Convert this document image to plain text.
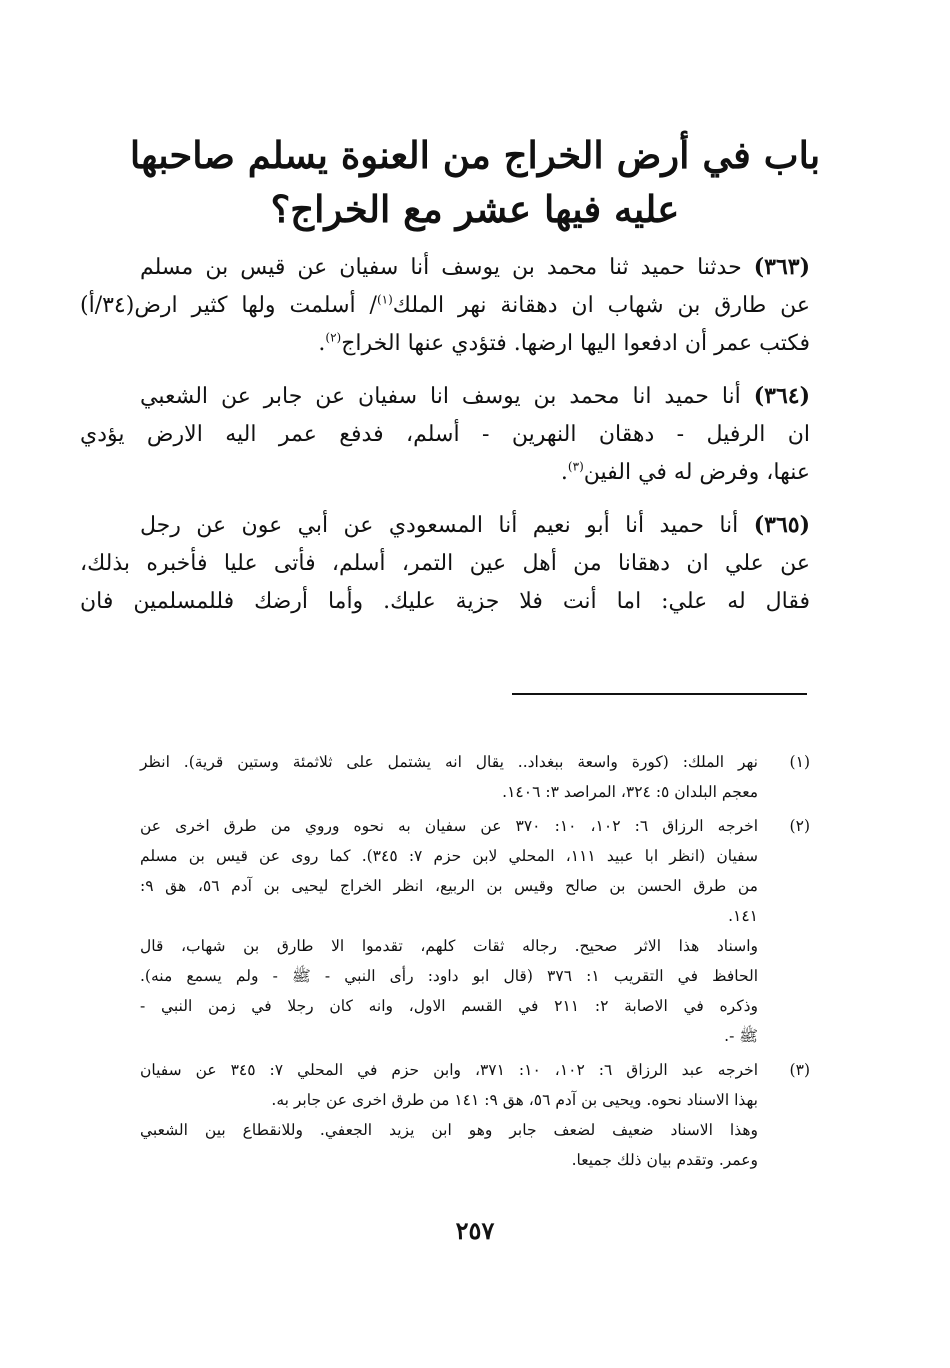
باب في أرض الخراج من العنوة يسلم صاحبها
عليه فيها عشر مع الخراج؟
(٣٦٣) حدثنا حميد ثنا محمد بن يوسف أنا سفيان عن قيس بن مسلم
عن طارق بن شهاب ان دهقانة نهر الملك$^{(١)}$/ أسلمت ولها كثير ارض(٣٤/أ)
فكتب عمر أن ادفعوا اليها ارضها. فتؤدي عنها الخراج$^{(٢)}$.
(٣٦٤) أنا حميد انا محمد بن يوسف انا سفيان عن جابر عن الشعبي
ان الرفيل - دهقان النهرين - أسلم، فدفع عمر اليه الارض يؤدي
عنها، وفرض له في الفين$^{(٣)}$.
(٣٦٥) أنا حميد أنا أبو نعيم أنا المسعودي عن أبي عون عن رجل
عن علي ان دهقانا من أهل عين التمر، أسلم، فأتى عليا فأخبره بذلك،
فقال له علي: اما أنت فلا جزية عليك. وأما أرضك فللمسلمين فان
(١)
نهر الملك: (كورة واسعة ببغداد.. يقال انه يشتمل على ثلاثمئة وستين قرية). انظر
معجم البلدان ٥: ٣٢٤، المراصد ٣: ١٤٠٦.
(٢)
اخرجه الرزاق ٦: ١٠٢، ١٠: ٣٧٠ عن سفيان به نحوه وروي من طرق اخرى عن
سفيان (انظر ابا عبيد ١١١، المحلي لابن حزم ٧: ٣٤٥). كما روى عن قيس بن مسلم
من طرق الحسن بن صالح وقيس بن الربيع، انظر الخراج ليحيى بن آدم ٥٦، هق ٩:
١٤١.
واسناد هذا الاثر صحيح. رجاله ثقات كلهم، تقدموا الا طارق بن شهاب، قال
الحافظ في التقريب ١: ٣٧٦ (قال ابو داود: رأى النبي - ﷺ - ولم يسمع منه).
وذكره في الاصابة ٢: ٢١١ في القسم الاول، وانه كان رجلا في زمن النبي -
ﷺ -.
(٣)
اخرجه عبد الرزاق ٦: ١٠٢، ١٠: ٣٧١، وابن حزم في المحلي ٧: ٣٤٥ عن سفيان
بهذا الاسناد نحوه. ويحيى بن آدم ٥٦، هق ٩: ١٤١ من طرق اخرى عن جابر به.
وهذا الاسناد ضعيف لضعف جابر وهو ابن يزيد الجعفي. وللانقطاع بين الشعبي
وعمر. وتقدم بيان ذلك جميعا.
٢٥٧
